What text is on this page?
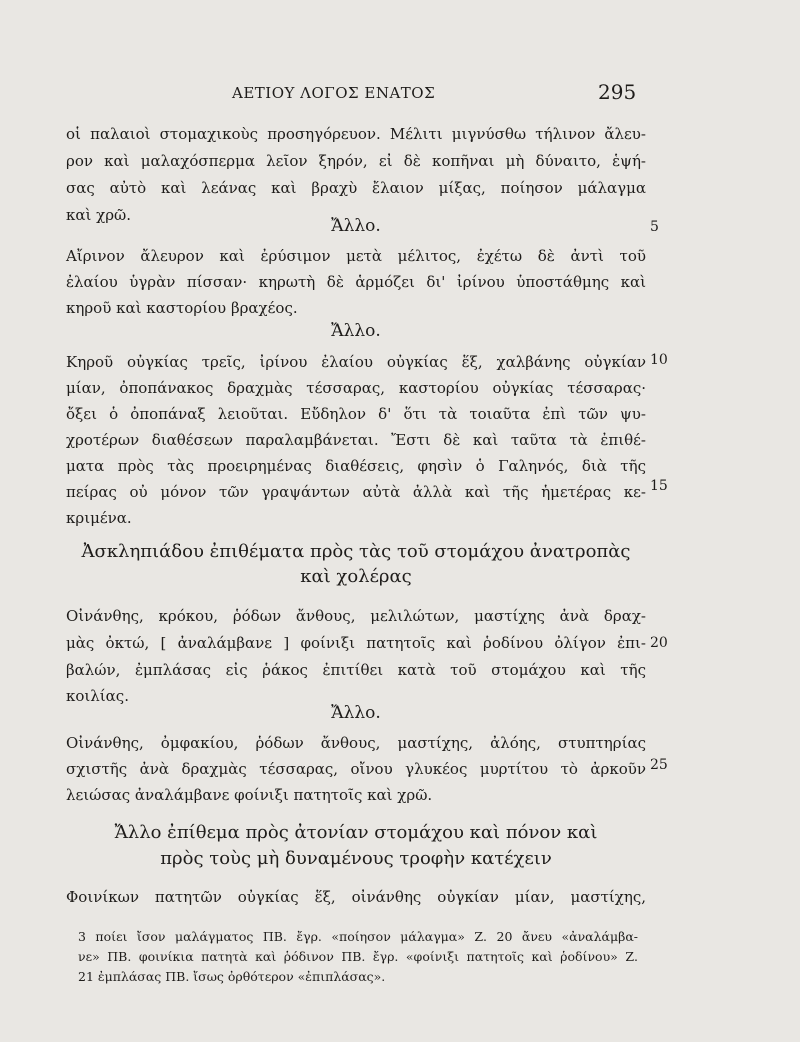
ΑΕΤΙΟΥ ΛΟΓΟΣ ΕΝΑΤΟΣ	295
οἱ παλαιοὶ στομαχικοὺς προσηγόρευον. Μέλιτι μιγνύσθω τήλινον ἄλευ-
ρον καὶ μαλαχόσπερμα λεῖον ξηρόν, εἰ δὲ κοπῆναι μὴ δύναιτο, ἑψή-
σας αὐτὸ καὶ λεάνας καὶ βραχὺ ἔλαιον μίξας, ποίησον μάλαγμα
καὶ χρῶ.
Ἄλλο.	5
Αἴρινον ἄλευρον καὶ ἐρύσιμον μετὰ μέλιτος, ἐχέτω δὲ ἀντὶ τοῦ
ἐλαίου ὑγρὰν πίσσαν· κηρωτὴ δὲ ἁρμόζει δι' ἰρίνου ὑποστάθμης καὶ
κηροῦ καὶ καστορίου βραχέος.
Ἄλλο.
Κηροῦ οὐγκίας τρεῖς, ἰρίνου ἐλαίου οὐγκίας ἕξ, χαλβάνης οὐγκίαν 10
μίαν, ὀποπάνακος δραχμὰς τέσσαρας, καστορίου οὐγκίας τέσσαρας·
ὄξει ὁ ὀποπάναξ λειοῦται. Εὔδηλον δ' ὅτι τὰ τοιαῦτα ἐπὶ τῶν ψυ-
χροτέρων διαθέσεων παραλαμβάνεται. Ἔστι δὲ καὶ ταῦτα τὰ ἐπιθέ-
ματα πρὸς τὰς προειρημένας διαθέσεις, φησὶν ὁ Γαληνός, διὰ τῆς
πείρας οὐ μόνον τῶν γραψάντων αὐτὰ ἀλλὰ καὶ τῆς ἡμετέρας κε- 15
κριμένα.
Ἀσκληπιάδου ἐπιθέματα πρὸς τὰς τοῦ στομάχου ἀνατροπὰς
καὶ χολέρας
Οἰνάνθης, κρόκου, ῥόδων ἄνθους, μελιλώτων, μαστίχης ἀνὰ δραχ-
μὰς ὀκτώ, [ ἀναλάμβανε ] φοίνιξι πατητοῖς καὶ ῥοδίνου ὀλίγον ἐπι- 20
βαλών, ἐμπλάσας εἰς ῥάκος ἐπιτίθει κατὰ τοῦ στομάχου καὶ τῆς
κοιλίας.
Ἄλλο.
Οἰνάνθης, ὀμφακίου, ῥόδων ἄνθους, μαστίχης, ἀλόης, στυπτηρίας
σχιστῆς ἀνὰ δραχμὰς τέσσαρας, οἴνου γλυκέος μυρτίτου τὸ ἀρκοῦν 25
λειώσας ἀναλάμβανε φοίνιξι πατητοῖς καὶ χρῶ.
Ἄλλο ἐπίθεμα πρὸς ἀτονίαν στομάχου καὶ πόνον καὶ
πρὸς τοὺς μὴ δυναμένους τροφὴν κατέχειν
Φοινίκων πατητῶν οὐγκίας ἕξ, οἰνάνθης οὐγκίαν μίαν, μαστίχης,
3 ποίει ἴσον μαλάγματος ΠΒ. ἔγρ. «ποίησον μάλαγμα» Ζ. 20 ἄνευ «ἀναλάμβα-
νε» ΠΒ. φοινίκια πατητὰ καὶ ῥόδινον ΠΒ. ἔγρ. «φοίνιξι πατητοῖς καὶ ῥοδίνου» Ζ.
21 ἐμπλάσας ΠΒ. ἴσως ὀρθότερον «ἐπιπλάσας».
